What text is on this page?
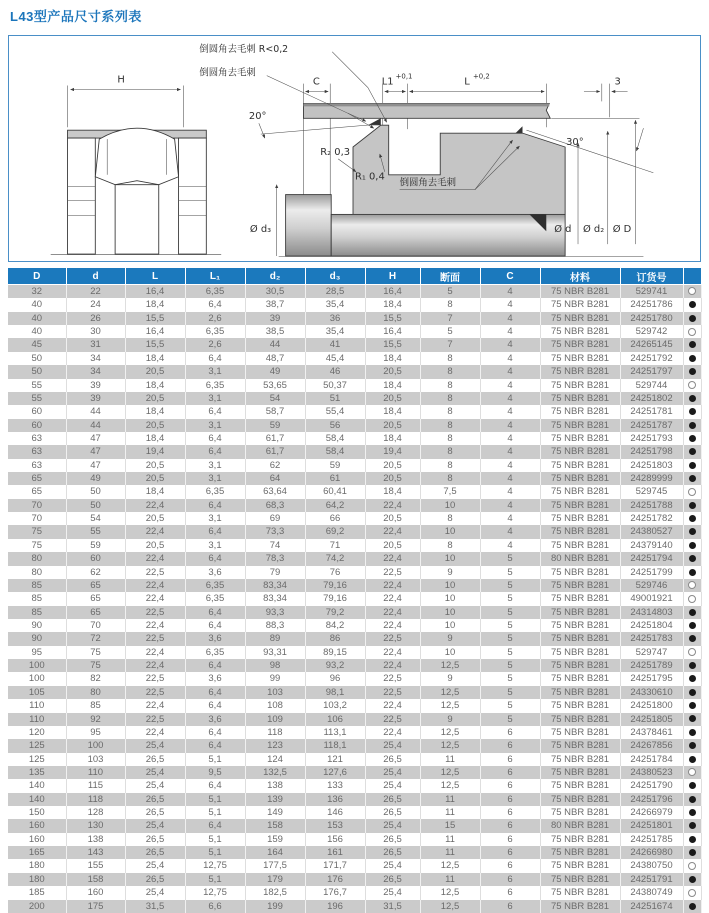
L43型产品尺寸系列表
H	C	L1 +0,1	L +0,2	3
30°
20°
R₂ 0,3
R₁ 0,4
Ø d₃	Ø d Ø d₂ Ø D
倒圆角去毛刺 R<0,2
倒圆角去毛刺
倒圆角去毛刺
D	d	L	L₁	d₂	d₃	H	断面	C	材料	订货号	
32	22	16,4	6,35	30,5	28,5	16,4	5	4	75 NBR B281	529741	
40	24	18,4	6,4	38,7	35,4	18,4	8	4	75 NBR B281	24251786	
40	26	15,5	2,6	39	36	15,5	7	4	75 NBR B281	24251780	
40	30	16,4	6,35	38,5	35,4	16,4	5	4	75 NBR B281	529742	
45	31	15,5	2,6	44	41	15,5	7	4	75 NBR B281	24265145	
50	34	18,4	6,4	48,7	45,4	18,4	8	4	75 NBR B281	24251792	
50	34	20,5	3,1	49	46	20,5	8	4	75 NBR B281	24251797	
55	39	18,4	6,35	53,65	50,37	18,4	8	4	75 NBR B281	529744	
55	39	20,5	3,1	54	51	20,5	8	4	75 NBR B281	24251802	
60	44	18,4	6,4	58,7	55,4	18,4	8	4	75 NBR B281	24251781	
60	44	20,5	3,1	59	56	20,5	8	4	75 NBR B281	24251787	
63	47	18,4	6,4	61,7	58,4	18,4	8	4	75 NBR B281	24251793	
63	47	19,4	6,4	61,7	58,4	19,4	8	4	75 NBR B281	24251798	
63	47	20,5	3,1	62	59	20,5	8	4	75 NBR B281	24251803	
65	49	20,5	3,1	64	61	20,5	8	4	75 NBR B281	24289999	
65	50	18,4	6,35	63,64	60,41	18,4	7,5	4	75 NBR B281	529745	
70	50	22,4	6,4	68,3	64,2	22,4	10	4	75 NBR B281	24251788	
70	54	20,5	3,1	69	66	20,5	8	4	75 NBR B281	24251782	
75	55	22,4	6,4	73,3	69,2	22,4	10	4	75 NBR B281	24380527	
75	59	20,5	3,1	74	71	20,5	8	4	75 NBR B281	24379140	
80	60	22,4	6,4	78,3	74,2	22,4	10	5	80 NBR B281	24251794	
80	62	22,5	3,6	79	76	22,5	9	5	75 NBR B281	24251799	
85	65	22,4	6,35	83,34	79,16	22,4	10	5	75 NBR B281	529746	
85	65	22,4	6,35	83,34	79,16	22,4	10	5	75 NBR B281	49001921	
85	65	22,5	6,4	93,3	79,2	22,4	10	5	75 NBR B281	24314803	
90	70	22,4	6,4	88,3	84,2	22,4	10	5	75 NBR B281	24251804	
90	72	22,5	3,6	89	86	22,5	9	5	75 NBR B281	24251783	
95	75	22,4	6,35	93,31	89,15	22,4	10	5	75 NBR B281	529747	
100	75	22,4	6,4	98	93,2	22,4	12,5	5	75 NBR B281	24251789	
100	82	22,5	3,6	99	96	22,5	9	5	75 NBR B281	24251795	
105	80	22,5	6,4	103	98,1	22,5	12,5	5	75 NBR B281	24330610	
110	85	22,4	6,4	108	103,2	22,4	12,5	5	75 NBR B281	24251800	
110	92	22,5	3,6	109	106	22,5	9	5	75 NBR B281	24251805	
120	95	22,4	6,4	118	113,1	22,4	12,5	6	75 NBR B281	24378461	
125	100	25,4	6,4	123	118,1	25,4	12,5	6	75 NBR B281	24267856	
125	103	26,5	5,1	124	121	26,5	11	6	75 NBR B281	24251784	
135	110	25,4	9,5	132,5	127,6	25,4	12,5	6	75 NBR B281	24380523	
140	115	25,4	6,4	138	133	25,4	12,5	6	75 NBR B281	24251790	
140	118	26,5	5,1	139	136	26,5	11	6	75 NBR B281	24251796	
150	128	26,5	5,1	149	146	26,5	11	6	75 NBR B281	24266979	
160	130	25,4	6,4	158	153	25,4	15	6	80 NBR B281	24251801	
160	138	26,5	5,1	159	156	26,5	11	6	75 NBR B281	24251785	
165	143	26,5	5,1	164	161	26,5	11	6	75 NBR B281	24266980	
180	155	25,4	12,75	177,5	171,7	25,4	12,5	6	75 NBR B281	24380750	
180	158	26,5	5,1	179	176	26,5	11	6	75 NBR B281	24251791	
185	160	25,4	12,75	182,5	176,7	25,4	12,5	6	75 NBR B281	24380749	
200	175	31,5	6,6	199	196	31,5	12,5	6	75 NBR B281	24251674	
